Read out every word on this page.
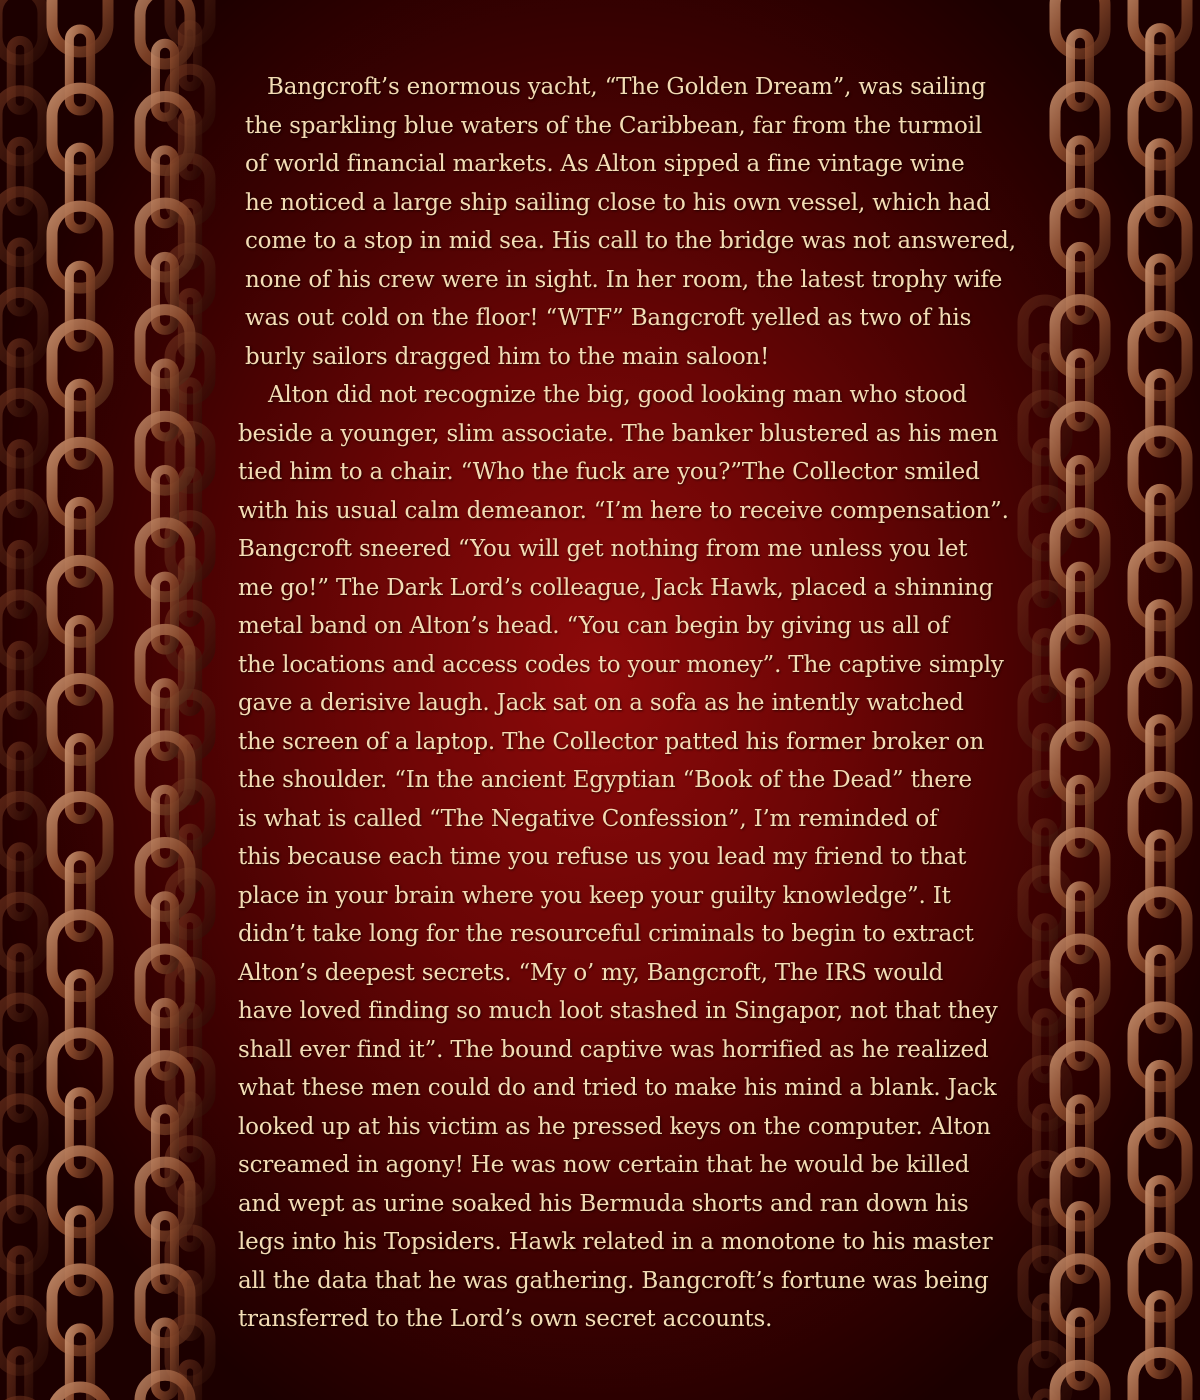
Bangcroft’s enormous yacht, “The Golden Dream”, was sailing
the sparkling blue waters of the Caribbean, far from the turmoil
of world financial markets. As Alton sipped a fine vintage wine
he noticed a large ship sailing close to his own vessel, which had
come to a stop in mid sea. His call to the bridge was not answered,
none of his crew were in sight. In her room, the latest trophy wife
was out cold on the floor! “WTF” Bangcroft yelled as two of his
burly sailors dragged him to the main saloon!
Alton did not recognize the big, good looking man who stood
beside a younger, slim associate. The banker blustered as his men
tied him to a chair. “Who the fuck are you?”The Collector smiled
with his usual calm demeanor. “I’m here to receive compensation”.
Bangcroft sneered “You will get nothing from me unless you let
me go!” The Dark Lord’s colleague, Jack Hawk, placed a shinning
metal band on Alton’s head. “You can begin by giving us all of
the locations and access codes to your money”. The captive simply
gave a derisive laugh. Jack sat on a sofa as he intently watched
the screen of a laptop. The Collector patted his former broker on
the shoulder. “In the ancient Egyptian “Book of the Dead” there
is what is called “The Negative Confession”, I’m reminded of
this because each time you refuse us you lead my friend to that
place in your brain where you keep your guilty knowledge”. It
didn’t take long for the resourceful criminals to begin to extract
Alton’s deepest secrets. “My o’ my, Bangcroft, The IRS would
have loved finding so much loot stashed in Singapor, not that they
shall ever find it”. The bound captive was horrified as he realized
what these men could do and tried to make his mind a blank. Jack
looked up at his victim as he pressed keys on the computer. Alton
screamed in agony! He was now certain that he would be killed
and wept as urine soaked his Bermuda shorts and ran down his
legs into his Topsiders. Hawk related in a monotone to his master
all the data that he was gathering. Bangcroft’s fortune was being
transferred to the Lord’s own secret accounts.
